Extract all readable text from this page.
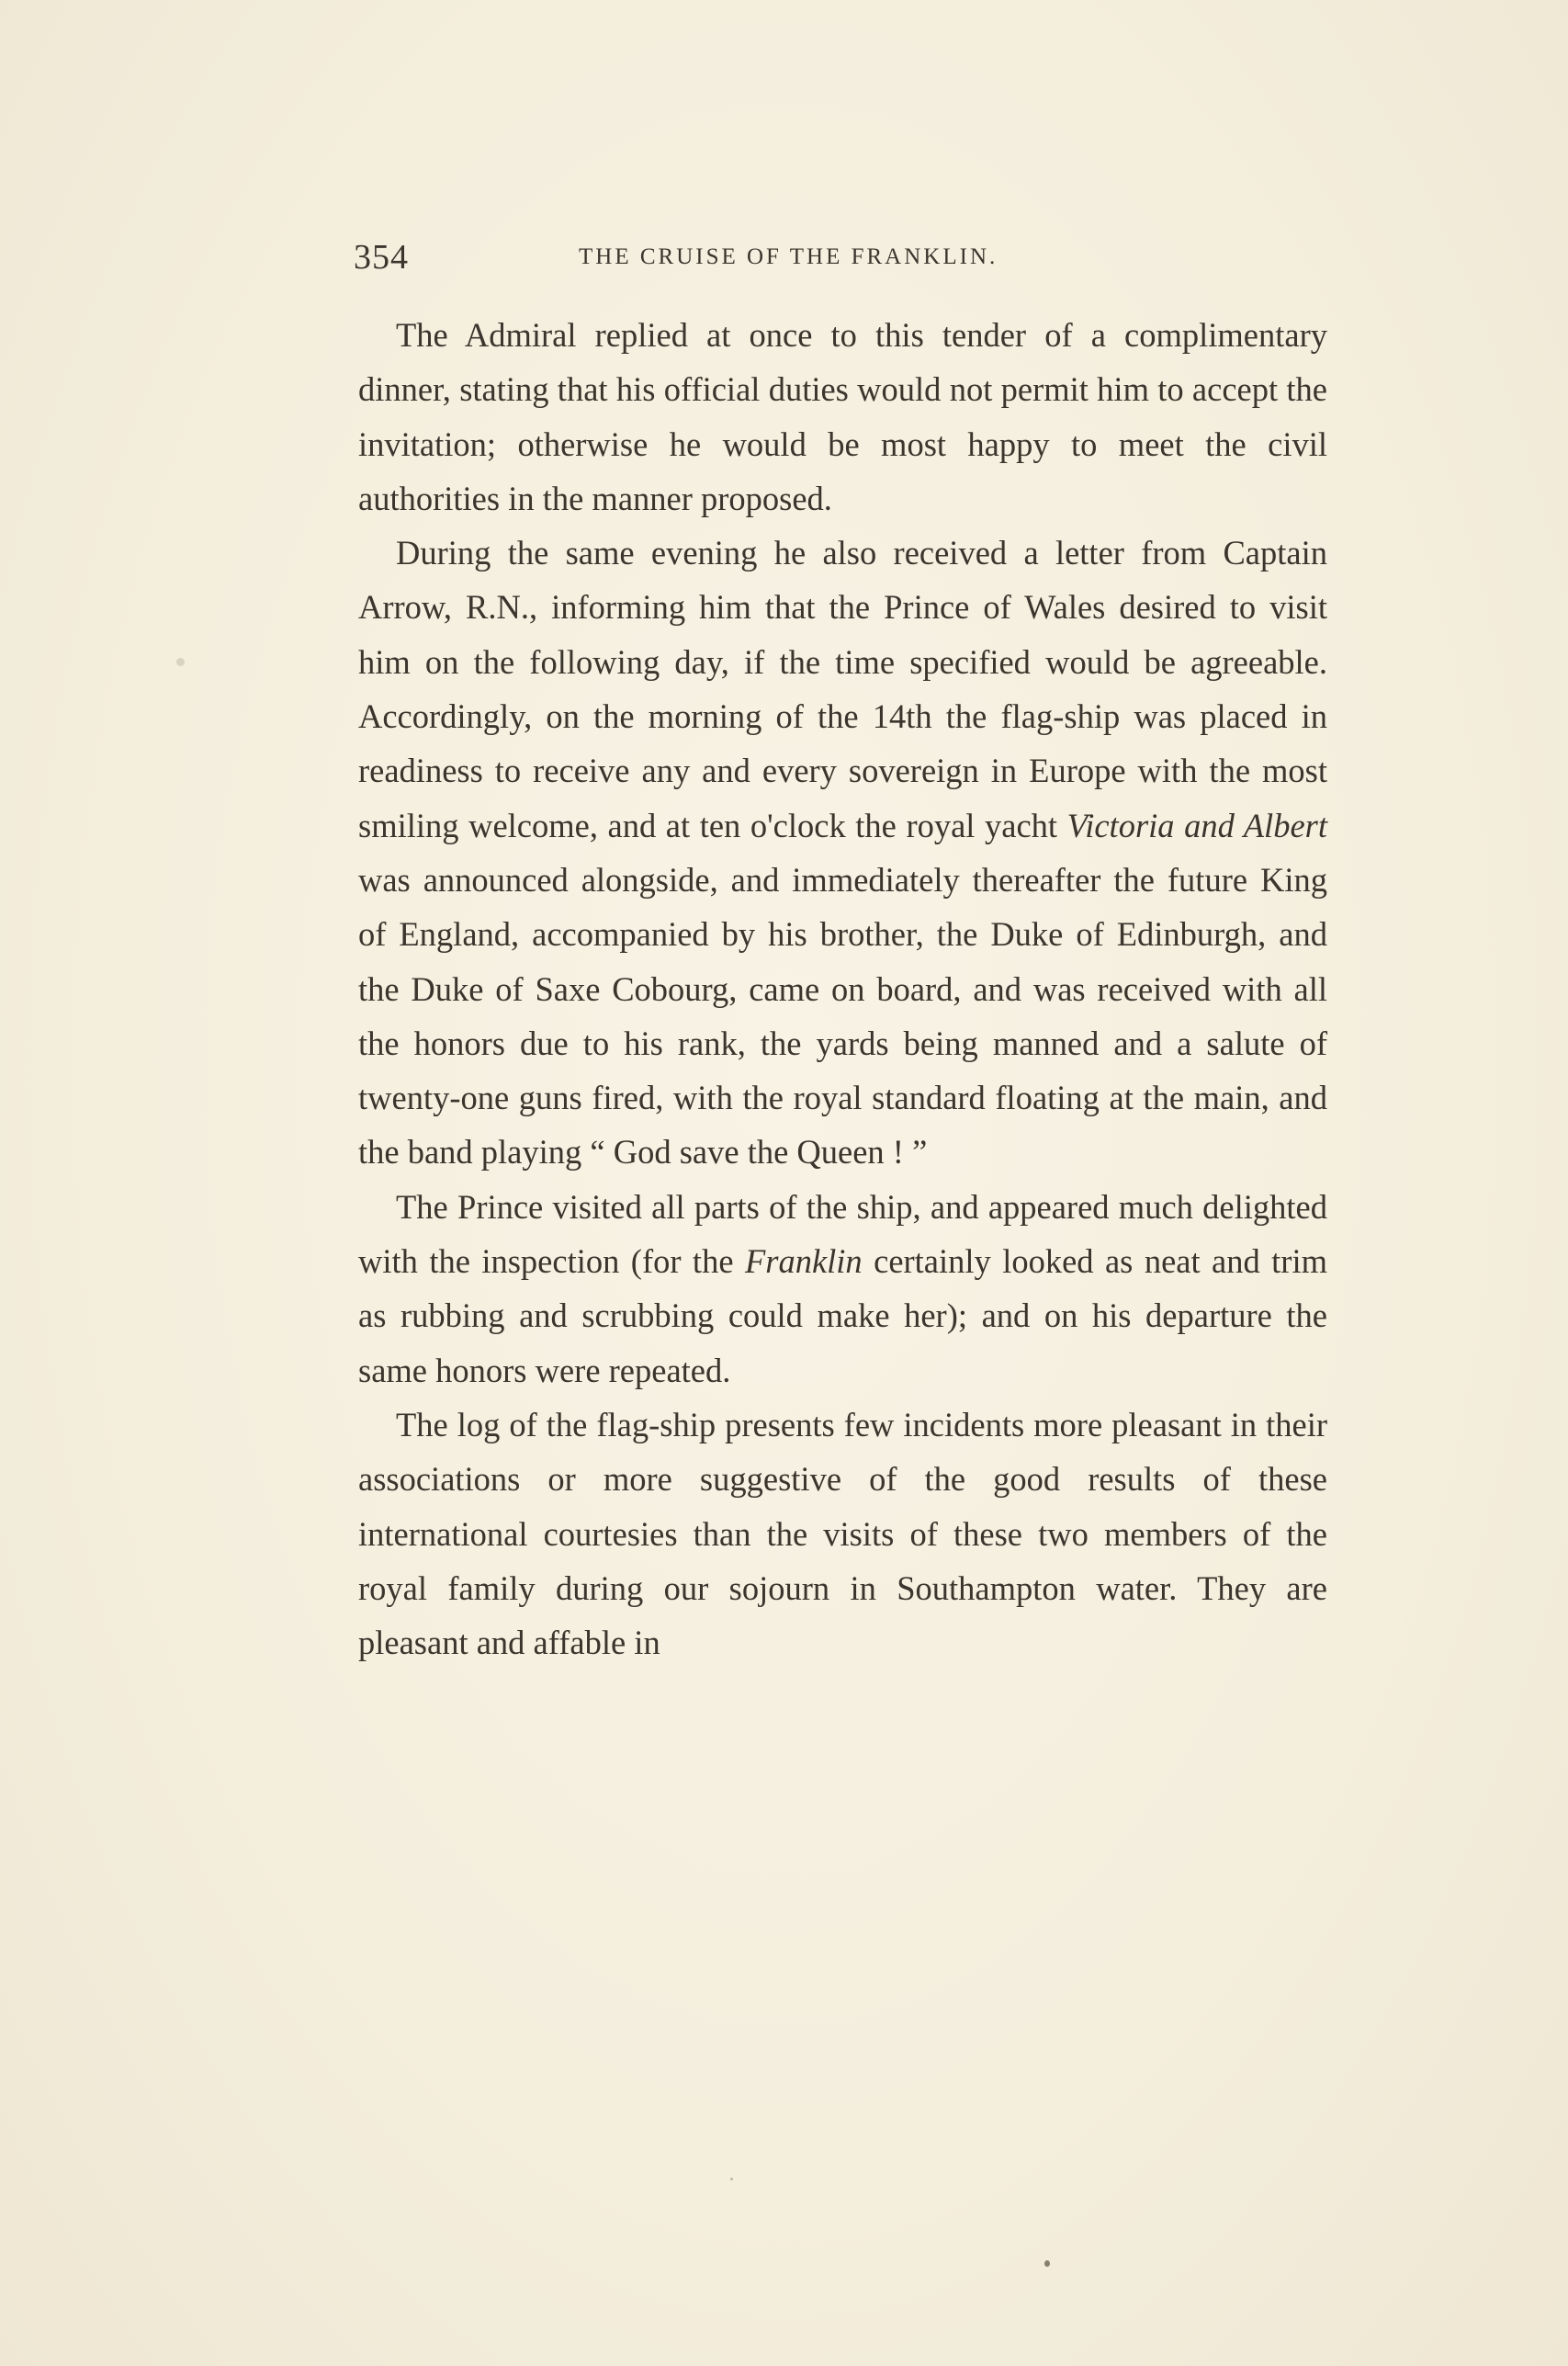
354	THE CRUISE OF THE FRANKLIN.

The Admiral replied at once to this tender of a complimentary dinner, stating that his official duties would not permit him to accept the invitation; otherwise he would be most happy to meet the civil authorities in the manner proposed.

During the same evening he also received a letter from Captain Arrow, R.N., informing him that the Prince of Wales desired to visit him on the following day, if the time specified would be agreeable. Accordingly, on the morning of the 14th the flag-ship was placed in readiness to receive any and every sovereign in Europe with the most smiling welcome, and at ten o'clock the royal yacht Victoria and Albert was announced alongside, and immediately thereafter the future King of England, accompanied by his brother, the Duke of Edinburgh, and the Duke of Saxe Cobourg, came on board, and was received with all the honors due to his rank, the yards being manned and a salute of twenty-one guns fired, with the royal standard floating at the main, and the band playing “ God save the Queen ! ”

The Prince visited all parts of the ship, and appeared much delighted with the inspection (for the Franklin certainly looked as neat and trim as rubbing and scrubbing could make her); and on his departure the same honors were repeated.

The log of the flag-ship presents few incidents more pleasant in their associations or more suggestive of the good results of these international courtesies than the visits of these two members of the royal family during our sojourn in Southampton water. They are pleasant and affable in
